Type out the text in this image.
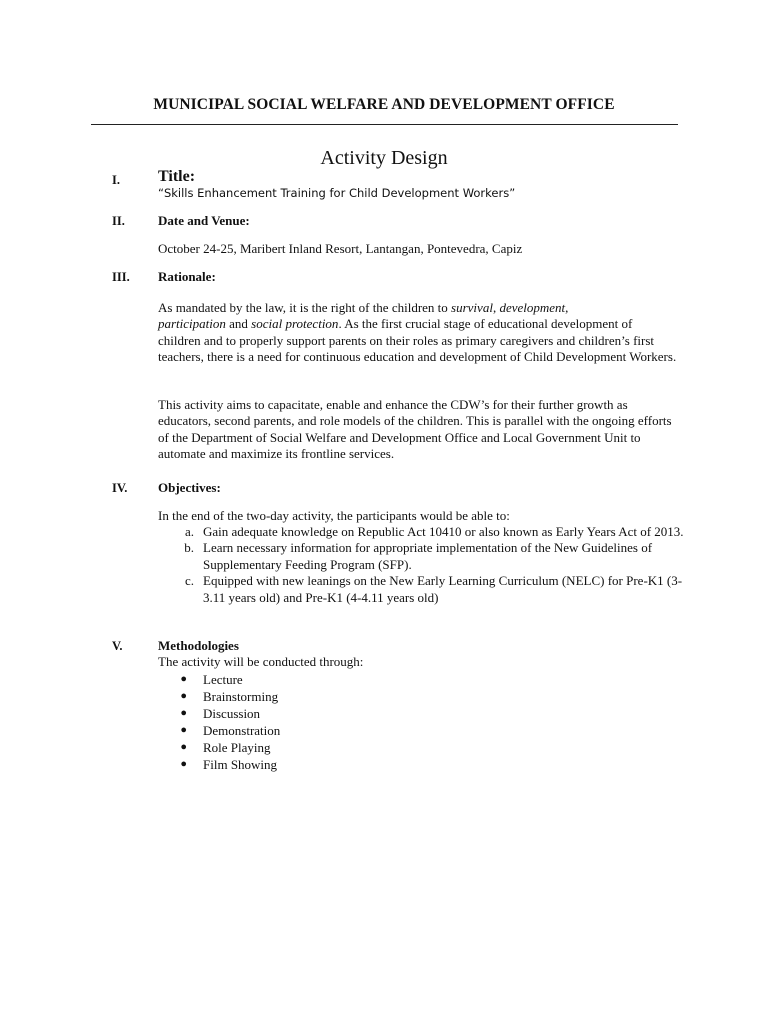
MUNICIPAL SOCIAL WELFARE AND DEVELOPMENT OFFICE
Activity Design
I. Title:
“Skills Enhancement Training for Child Development Workers”
II.	Date and Venue:
October 24-25, Maribert Inland Resort, Lantangan, Pontevedra, Capiz
III. Rationale:

As mandated by the law, it is the right of the children to survival, development,
participation and social protection. As the first crucial stage of educational development of children and to properly support parents on their roles as primary caregivers and children’s first teachers, there is a need for continuous education and development of Child Development Workers.

This activity aims to capacitate, enable and enhance the CDW’s for their further growth as educators, second parents, and role models of the children. This is parallel with the ongoing efforts of the Department of Social Welfare and Development Office and Local Government Unit to automate and maximize its frontline services.
IV. Objectives:
In the end of the two-day activity, the participants would be able to:
a. Gain adequate knowledge on Republic Act 10410 or also known as Early Years Act of 2013.
b. Learn necessary information for appropriate implementation of the New Guidelines of Supplementary Feeding Program (SFP).
c. Equipped with new leanings on the New Early Learning Curriculum (NELC) for Pre-K1 (3-3.11 years old) and Pre-K1 (4-4.11 years old)
V.	Methodologies
The activity will be conducted through:
●	Lecture
●	Brainstorming
●	Discussion
●	Demonstration
●	Role Playing
●	Film Showing
